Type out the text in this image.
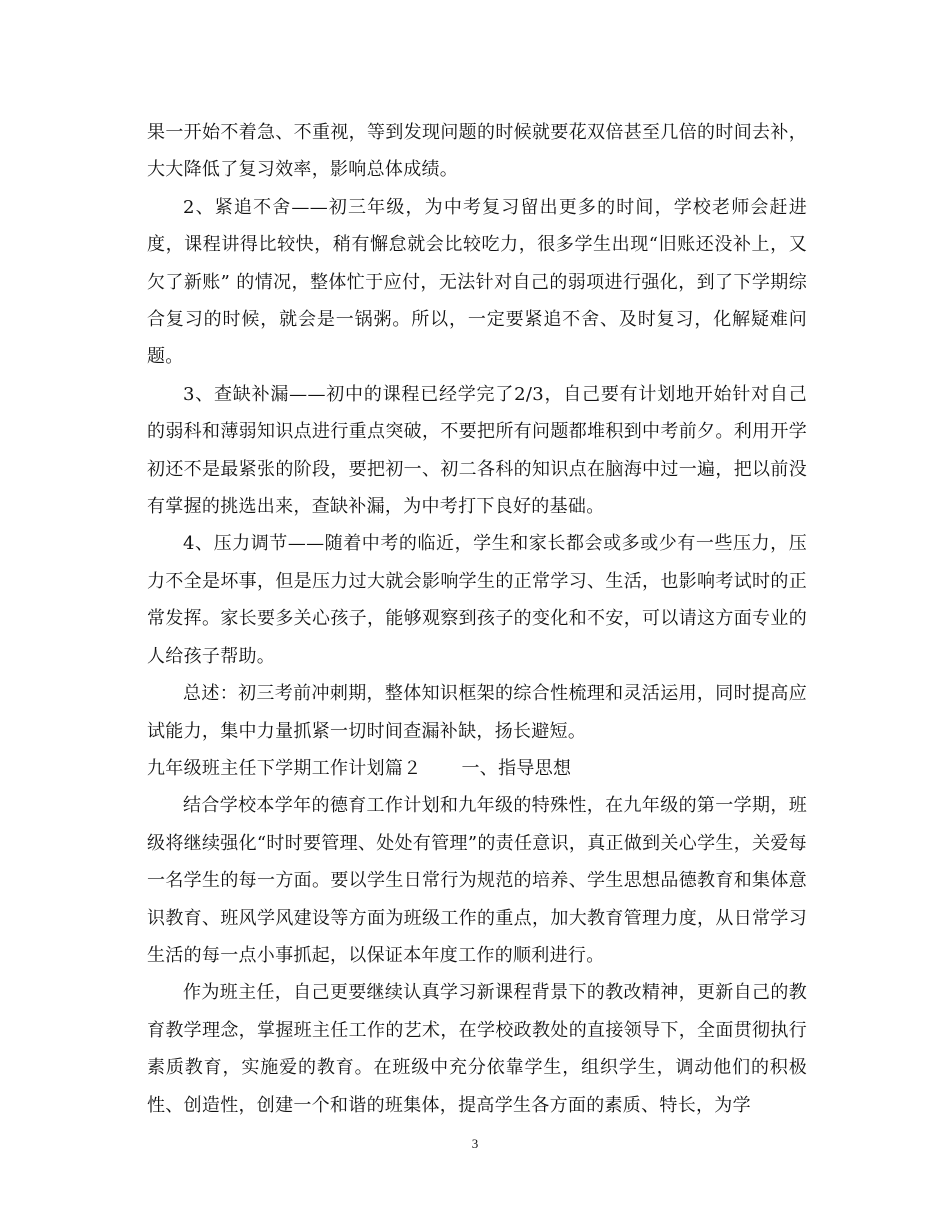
果一开始不着急、不重视，等到发现问题的时候就要花双倍甚至几倍的时间去补，大大降低了复习效率，影响总体成绩。

2、紧追不舍——初三年级，为中考复习留出更多的时间，学校老师会赶进度，课程讲得比较快，稍有懈怠就会比较吃力，很多学生出现“旧账还没补上，又欠了新账” 的情况，整体忙于应付，无法针对自己的弱项进行强化，到了下学期综合复习的时候，就会是一锅粥。所以，一定要紧追不舍、及时复习，化解疑难问题。

3、查缺补漏——初中的课程已经学完了2/3，自己要有计划地开始针对自己的弱科和薄弱知识点进行重点突破，不要把所有问题都堆积到中考前夕。利用开学初还不是最紧张的阶段，要把初一、初二各科的知识点在脑海中过一遍，把以前没有掌握的挑选出来，查缺补漏，为中考打下良好的基础。

4、压力调节——随着中考的临近，学生和家长都会或多或少有一些压力，压力不全是坏事，但是压力过大就会影响学生的正常学习、生活，也影响考试时的正常发挥。家长要多关心孩子，能够观察到孩子的变化和不安，可以请这方面专业的人给孩子帮助。

总述：初三考前冲刺期，整体知识框架的综合性梳理和灵活运用，同时提高应试能力，集中力量抓紧一切时间查漏补缺，扬长避短。

九年级班主任下学期工作计划篇２ 一、指导思想

结合学校本学年的德育工作计划和九年级的特殊性，在九年级的第一学期，班级将继续强化“时时要管理、处处有管理”的责任意识，真正做到关心学生，关爱每一名学生的每一方面。要以学生日常行为规范的培养、学生思想品德教育和集体意识教育、班风学风建设等方面为班级工作的重点，加大教育管理力度，从日常学习生活的每一点小事抓起，以保证本年度工作的顺利进行。

作为班主任，自己更要继续认真学习新课程背景下的教改精神，更新自己的教育教学理念，掌握班主任工作的艺术，在学校政教处的直接领导下，全面贯彻执行素质教育，实施爱的教育。在班级中充分依靠学生，组织学生，调动他们的积极性、创造性，创建一个和谐的班集体，提高学生各方面的素质、特长，为学

3
